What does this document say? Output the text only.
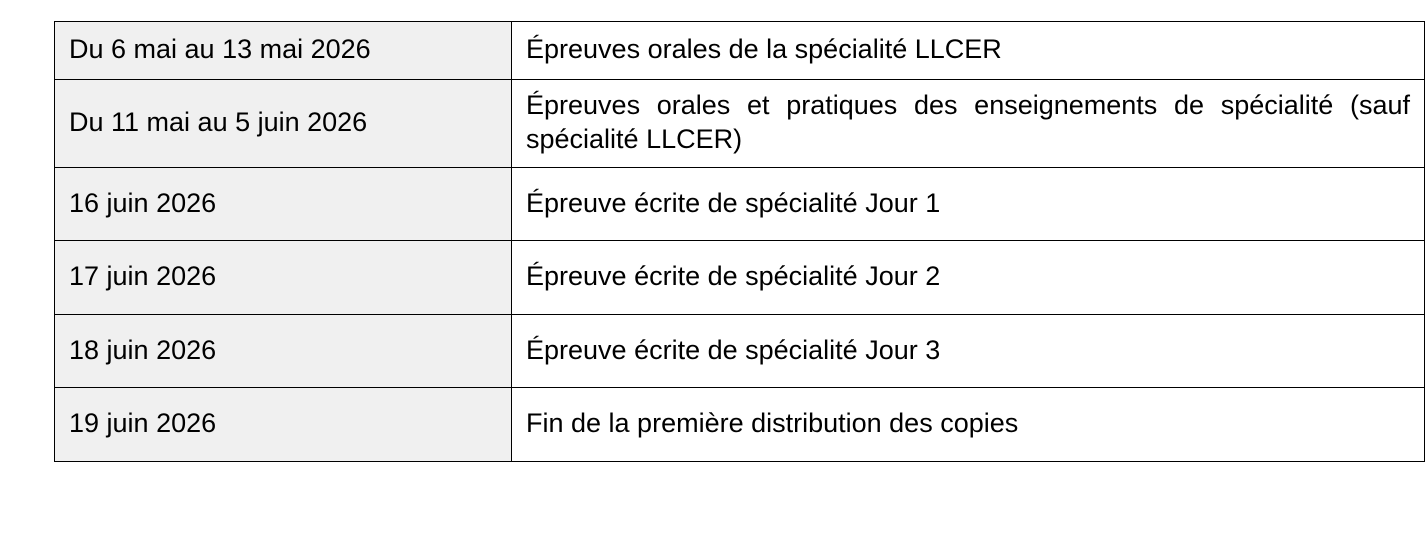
Du 6 mai au 13 mai 2026	Épreuves orales de la spécialité LLCER
Du 11 mai au 5 juin 2026	Épreuves orales et pratiques des enseignements de spécialité (sauf spécialité LLCER)
16 juin 2026	Épreuve écrite de spécialité Jour 1
17 juin 2026	Épreuve écrite de spécialité Jour 2
18 juin 2026	Épreuve écrite de spécialité Jour 3
19 juin 2026	Fin de la première distribution des copies
